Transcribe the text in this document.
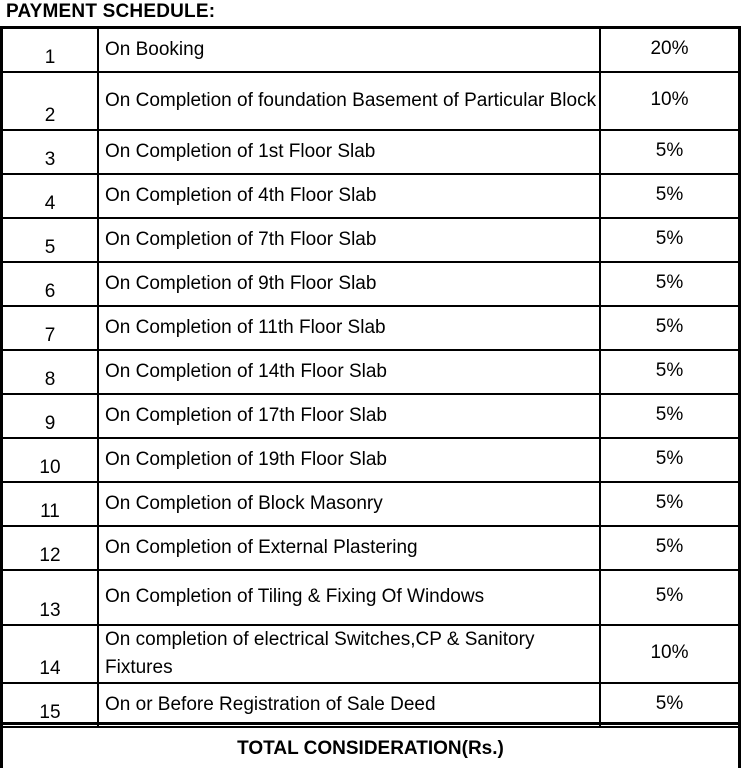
PAYMENT SCHEDULE:
1	On Booking	20%
2	On Completion of foundation Basement of Particular Block	10%
3	On Completion of 1st Floor Slab	5%
4	On Completion of 4th Floor Slab	5%
5	On Completion of 7th Floor Slab	5%
6	On Completion of 9th Floor Slab	5%
7	On Completion of 11th Floor Slab	5%
8	On Completion of 14th Floor Slab	5%
9	On Completion of 17th Floor Slab	5%
10	On Completion of 19th Floor Slab	5%
11	On Completion of Block Masonry	5%
12	On Completion of External Plastering	5%
13	On Completion of Tiling & Fixing Of Windows	5%
14	On completion of electrical Switches,CP & Sanitory Fixtures	10%
15	On or Before Registration of Sale Deed	5%
TOTAL CONSIDERATION(Rs.)
